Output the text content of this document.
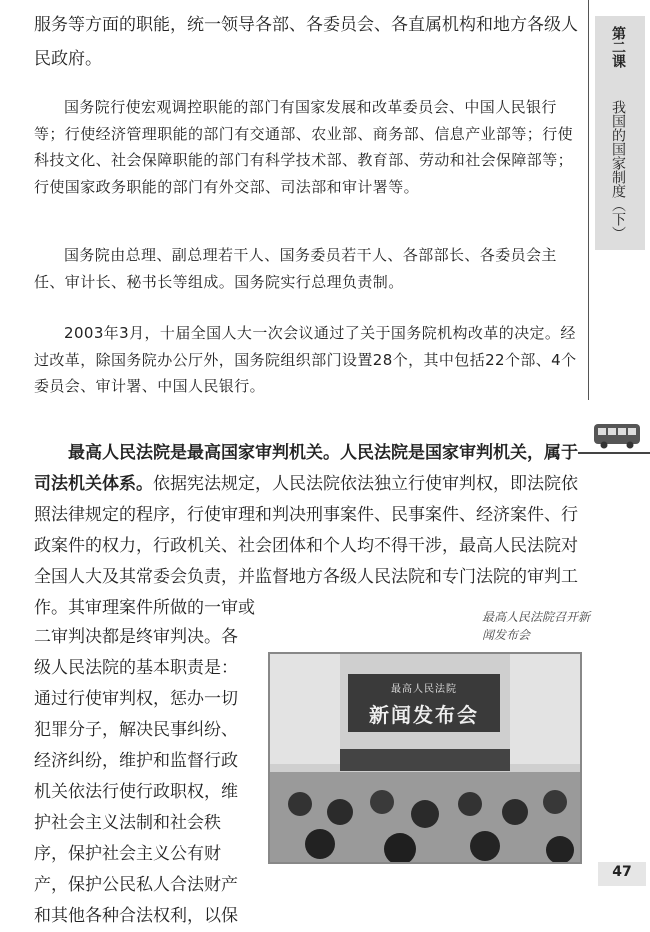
服务等方面的职能，统一领导各部、各委员会、各直属机构和地方各级人民政府。
国务院行使宏观调控职能的部门有国家发展和改革委员会、中国人民银行等；行使经济管理职能的部门有交通部、农业部、商务部、信息产业部等；行使科技文化、社会保障职能的部门有科学技术部、教育部、劳动和社会保障部等；行使国家政务职能的部门有外交部、司法部和审计署等。
国务院由总理、副总理若干人、国务委员若干人、各部部长、各委员会主任、审计长、秘书长等组成。国务院实行总理负责制。
2003年3月，十届全国人大一次会议通过了关于国务院机构改革的决定。经过改革，除国务院办公厅外，国务院组织部门设置28个，其中包括22个部、4个委员会、审计署、中国人民银行。
最高人民法院是最高国家审判机关。人民法院是国家审判机关，属于司法机关体系。依据宪法规定，人民法院依法独立行使审判权，即法院依照法律规定的程序，行使审理和判决刑事案件、民事案件、经济案件、行政案件的权力，行政机关、社会团体和个人均不得干涉，最高人民法院对全国人大及其常委会负责，并监督地方各级人民法院和专门法院的审判工作。其审理案件所做的一审或
二审判决都是终审判决。各级人民法院的基本职责是：通过行使审判权，惩办一切犯罪分子，解决民事纠纷、经济纠纷，维护和监督行政机关依法行使行政职权，维护社会主义法制和社会秩序，保护社会主义公有财产，保护公民私人合法财产和其他各种合法权利，以保
第二课
我国的国家制度（下）
最高人民法院召开新闻发布会
最高人民法院
新闻发布会
47
